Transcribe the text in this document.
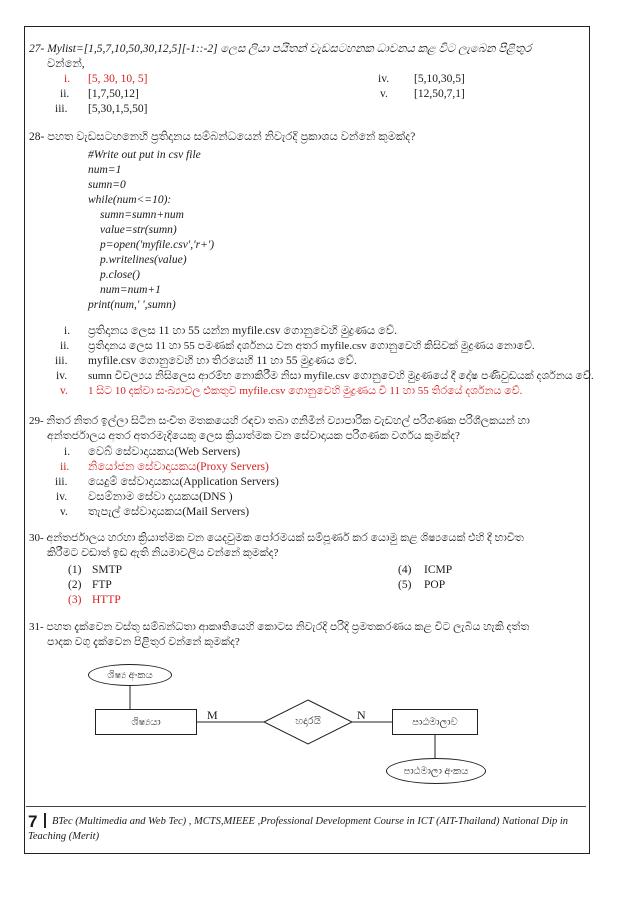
27- Mylist=[1,5,7,10,50,30,12,5][-1::-2] ලෙස ලියා පයිතන් වැඩසටහනක ධාවනය කළ විට ලැබෙන පිළිතුර
වන්නේ,
i. [5, 30, 10, 5]
ii. [1,7,50,12]
iii. [5,30,1,5,50]
iv. [5,10,30,5]
v. [12,50,7,1]
28- පහත වැඩසටහනෙහි ප්‍රතිදානය සම්බන්ධයෙන් නිවැරදි ප්‍රකාශය වන්නේ කුමක්ද?
#Write out put in csv file
num=1
sumn=0
while(num<=10):
sumn=sumn+num
value=str(sumn)
p=open('myfile.csv','r+')
p.writelines(value)
p.close()
num=num+1
print(num,' ',sumn)
i. ප්‍රතිදානය ලෙස 11 හා 55 යන්න myfile.csv ගොනුවෙහි මුද්‍රණය වේ.
ii. ප්‍රතිදානය ලෙස 11 හා 55 පමණක් දර්ශනය වන අතර myfile.csv ගොනුවෙහි කිසිවක් මුද්‍රණය නොවේ.
iii. myfile.csv ගොනුවෙහි හා තිරයෙහි 11 හා 55 මුද්‍රණය වේ.
iv. sumn විචල්‍යය නිසිලෙස ආරම්භ නොකිරීම නිසා myfile.csv ගොනුවෙහි මුද්‍රණයේ දී දෝෂ පණිවුඩයක් දර්ශනය වේ.
v. 1 සිට 10 දක්වා සංඛ්‍යාවල එකතුව myfile.csv ගොනුවෙහි මුද්‍රණය වී 11 හා 55 තිරයේ දර්ශනය වේ.
29- නිතර නිතර ඉල්ලා සිටින සංචිත මතකයෙහි රඳවා තබා ගනිමින් ව්‍යාපාරික වැඩහල් පරිගණක පරිශීලකයන් හා
අන්තර්ජාලය අතර අතරමැදියෙකු ලෙස ක්‍රියාත්මක වන සේවාදායක පරිගණක වර්ගය කුමක්ද?
i. වෙබ් සේවාදායකය(Web Servers)
ii. නියෝජන සේවාදායකය(Proxy Servers)
iii. යෙදුම් සේවාදායකය(Application Servers)
iv. වසම්නාම සේවා දායකය(DNS )
v. තැපැල් සේවාදායකය(Mail Servers)
30- අන්තර්ජාලය හරහා ක්‍රියාත්මක වන යෙදවුමක පෝරමයක් සම්පූර්ණ කර යොමු කළ ශිෂ්‍යයෙක් එහි දී භාවිත
කිරීමට වඩාත් ඉඩ ඇති නියමාවලිය වන්නේ කුමක්ද?
(1) SMTP
(2) FTP
(3) HTTP
(4) ICMP
(5) POP
31- පහත දැක්වෙන වස්තු සම්බන්ධතා ආකෘතියෙහි කොටස නිවැරදි පරිදි ප්‍රමතකරණය කළ විට ලැබිය හැකි දත්ත
පාදක වගු දැක්වෙන පිළිතුර වන්නේ කුමක්ද?
ශිෂ්‍ය අංකය
ශිෂ්‍යයා	M	හදාරයි	N	පාඨමාලාව
පාඨමාලා අංකය
7 BTec (Multimedia and Web Tec) , MCTS,MIEEE ,Professional Development Course in ICT (AIT-Thailand) National Dip in
Teaching (Merit)
